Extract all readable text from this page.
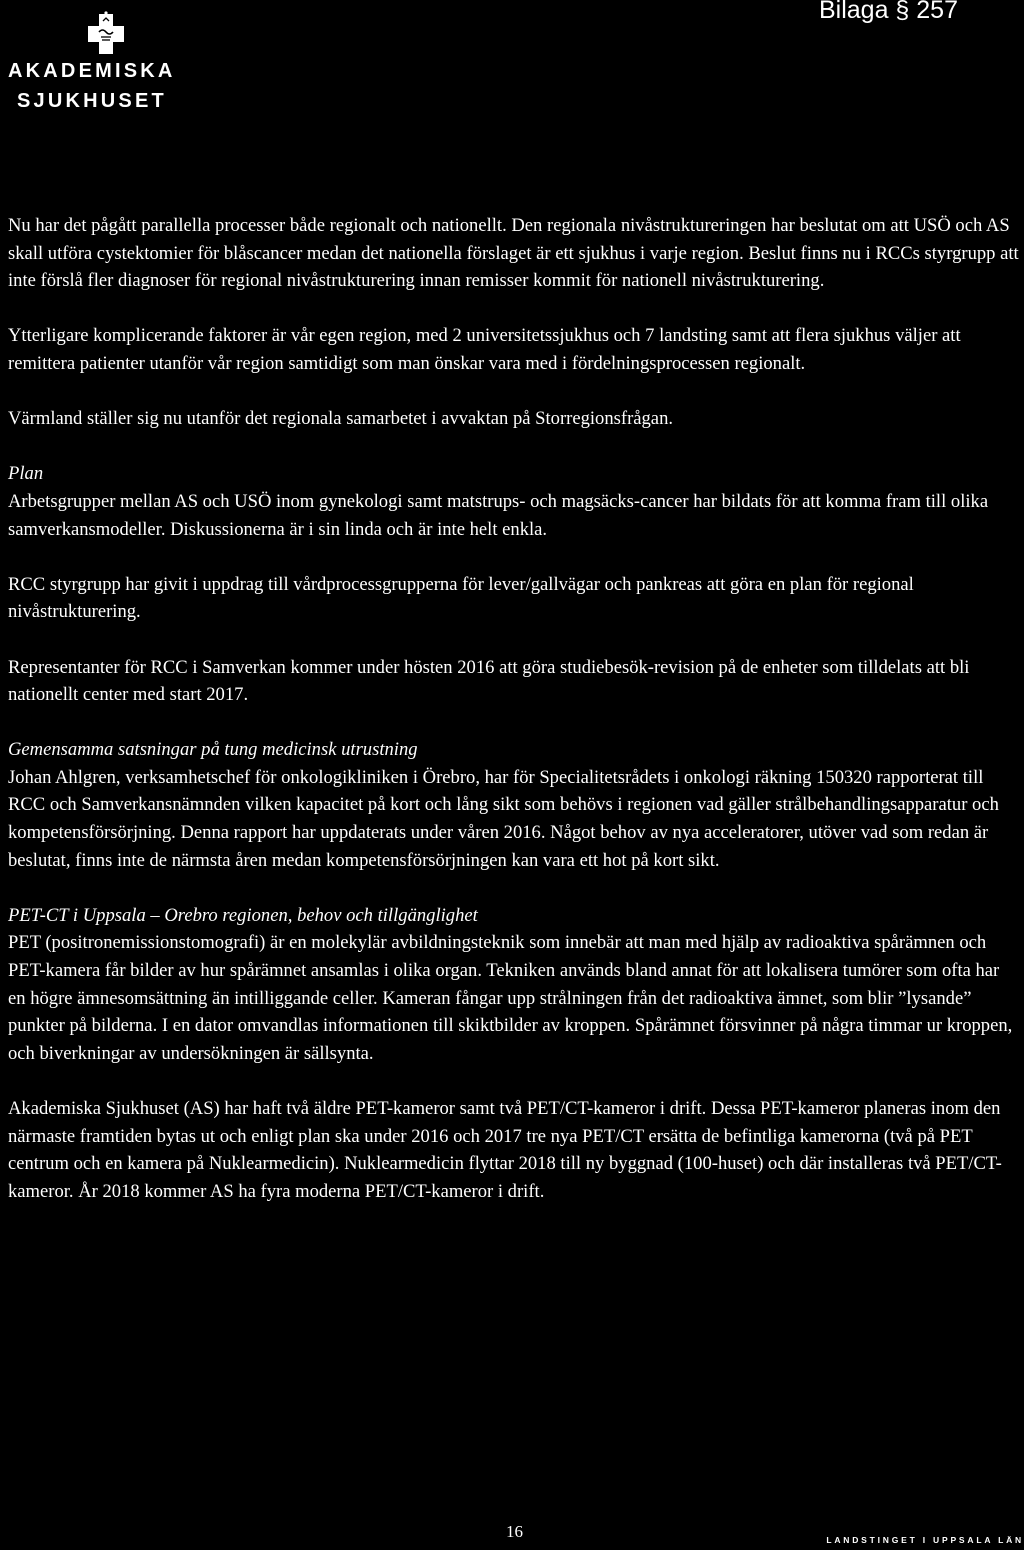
AKADEMISKA
SJUKHUSET
Bilaga § 257

Nu har det pågått parallella processer både regionalt och nationellt. Den regionala nivåstruktureringen har beslutat om att USÖ och AS skall utföra cystektomier för blåscancer medan det nationella förslaget är ett sjukhus i varje region. Beslut finns nu i RCCs styrgrupp att inte förslå fler diagnoser för regional nivåstrukturering innan remisser kommit för nationell nivåstrukturering.

Ytterligare komplicerande faktorer är vår egen region, med 2 universitetssjukhus och 7 landsting samt att flera sjukhus väljer att remittera patienter utanför vår region samtidigt som man önskar vara med i fördelningsprocessen regionalt.

Värmland ställer sig nu utanför det regionala samarbetet i avvaktan på Storregionsfrågan.

Plan
Arbetsgrupper mellan AS och USÖ inom gynekologi samt matstrups- och magsäcks-cancer har bildats för att komma fram till olika samverkansmodeller. Diskussionerna är i sin linda och är inte helt enkla.

RCC styrgrupp har givit i uppdrag till vårdprocessgrupperna för lever/gallvägar och pankreas att göra en plan för regional nivåstrukturering.

Representanter för RCC i Samverkan kommer under hösten 2016 att göra studiebesök-revision på de enheter som tilldelats att bli nationellt center med start 2017.

Gemensamma satsningar på tung medicinsk utrustning
Johan Ahlgren, verksamhetschef för onkologikliniken i Örebro, har för Specialitetsrådets i onkologi räkning 150320 rapporterat till RCC och Samverkansnämnden vilken kapacitet på kort och lång sikt som behövs i regionen vad gäller strålbehandlingsapparatur och kompetensförsörjning. Denna rapport har uppdaterats under våren 2016. Något behov av nya acceleratorer, utöver vad som redan är beslutat, finns inte de närmsta åren medan kompetensförsörjningen kan vara ett hot på kort sikt.

PET-CT i Uppsala – Orebro regionen, behov och tillgänglighet
PET (positronemissionstomografi) är en molekylär avbildningsteknik som innebär att man med hjälp av radioaktiva spårämnen och PET-kamera får bilder av hur spårämnet ansamlas i olika organ. Tekniken används bland annat för att lokalisera tumörer som ofta har en högre ämnesomsättning än intilliggande celler. Kameran fångar upp strålningen från det radioaktiva ämnet, som blir ”lysande” punkter på bilderna. I en dator omvandlas informationen till skiktbilder av kroppen. Spårämnet försvinner på några timmar ur kroppen, och biverkningar av undersökningen är sällsynta.

Akademiska Sjukhuset (AS) har haft två äldre PET-kameror samt två PET/CT-kameror i drift. Dessa PET-kameror planeras inom den närmaste framtiden bytas ut och enligt plan ska under 2016 och 2017 tre nya PET/CT ersätta de befintliga kamerorna (två på PET centrum och en kamera på Nuklearmedicin). Nuklearmedicin flyttar 2018 till ny byggnad (100-huset) och där installeras två PET/CT-kameror. År 2018 kommer AS ha fyra moderna PET/CT-kameror i drift.

16	LANDSTINGET I UPPSALA LÄN
